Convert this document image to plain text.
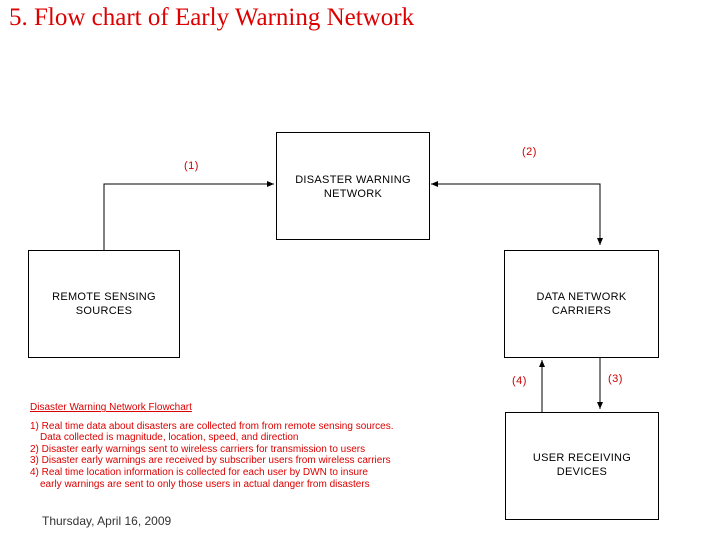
5. Flow chart of Early Warning Network
DISASTER WARNING
NETWORK
REMOTE SENSING
SOURCES
DATA NETWORK
CARRIERS
USER RECEIVING
DEVICES
(1)
(2)
(3)
(4)
Disaster Warning Network Flowchart
1) Real time data about disasters are collected from from remote sensing sources.
Data collected is magnitude, location, speed, and direction
2) Disaster early warnings sent to wireless carriers for transmission to users
3) Disaster early warnings are received by subscriber users from wireless carriers
4) Real time location information is collected for each user by DWN to insure
early warnings are sent to only those users in actual danger from disasters
Thursday, April 16, 2009
